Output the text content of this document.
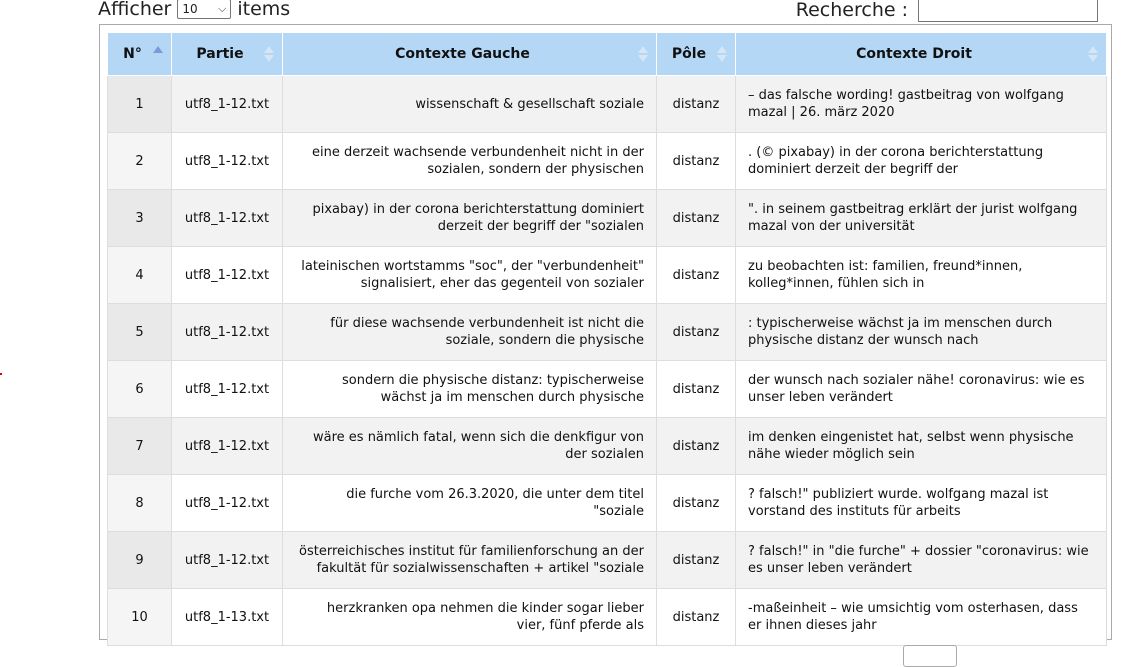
Afficher 10 ⌵ items	Recherche :
N°	Partie	Contexte Gauche	Pôle	Contexte Droit

1	utf8_1-12.txt	wissenschaft & gesellschaft soziale	distanz	– das falsche wording! gastbeitrag von wolfgang mazal | 26. märz 2020
2	utf8_1-12.txt	eine derzeit wachsende verbundenheit nicht in der sozialen, sondern der physischen	distanz	. (© pixabay) in der corona berichterstattung dominiert derzeit der begriff der
3	utf8_1-12.txt	pixabay) in der corona berichterstattung dominiert derzeit der begriff der "sozialen	distanz	". in seinem gastbeitrag erklärt der jurist wolfgang mazal von der universität
4	utf8_1-12.txt	lateinischen wortstamms "soc", der "verbundenheit" signalisiert, eher das gegenteil von sozialer	distanz	zu beobachten ist: familien, freund*innen, kolleg*innen, fühlen sich in
5	utf8_1-12.txt	für diese wachsende verbundenheit ist nicht die soziale, sondern die physische	distanz	: typischerweise wächst ja im menschen durch physische distanz der wunsch nach
6	utf8_1-12.txt	sondern die physische distanz: typischerweise wächst ja im menschen durch physische	distanz	der wunsch nach sozialer nähe! coronavirus: wie es unser leben verändert
7	utf8_1-12.txt	wäre es nämlich fatal, wenn sich die denkfigur von der sozialen	distanz	im denken eingenistet hat, selbst wenn physische nähe wieder möglich sein
8	utf8_1-12.txt	die furche vom 26.3.2020, die unter dem titel "soziale	distanz	? falsch!" publiziert wurde. wolfgang mazal ist vorstand des instituts für arbeits
9	utf8_1-12.txt	österreichisches institut für familienforschung an der fakultät für sozialwissenschaften + artikel "soziale	distanz	? falsch!" in "die furche" + dossier "coronavirus: wie es unser leben verändert
10	utf8_1-13.txt	herzkranken opa nehmen die kinder sogar lieber vier, fünf pferde als	distanz	-maßeinheit – wie umsichtig vom osterhasen, dass er ihnen dieses jahr
